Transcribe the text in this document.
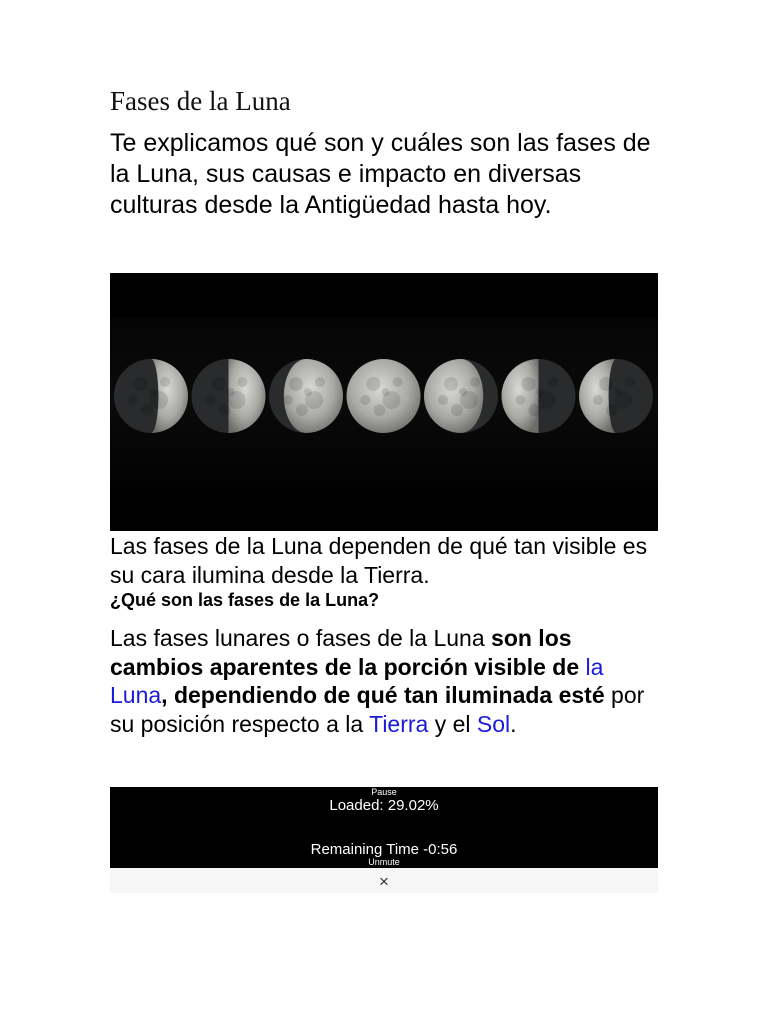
Fases de la Luna
Te explicamos qué son y cuáles son las fases de la Luna, sus causas e impacto en diversas culturas desde la Antigüedad hasta hoy.
Las fases de la Luna dependen de qué tan visible es su cara ilumina desde la Tierra.
¿Qué son las fases de la Luna?
Las fases lunares o fases de la Luna son los cambios aparentes de la porción visible de la Luna, dependiendo de qué tan iluminada esté por su posición respecto a la Tierra y el Sol.
Pause
Loaded: 29.02%
Remaining Time -0:56
Unmute
×
